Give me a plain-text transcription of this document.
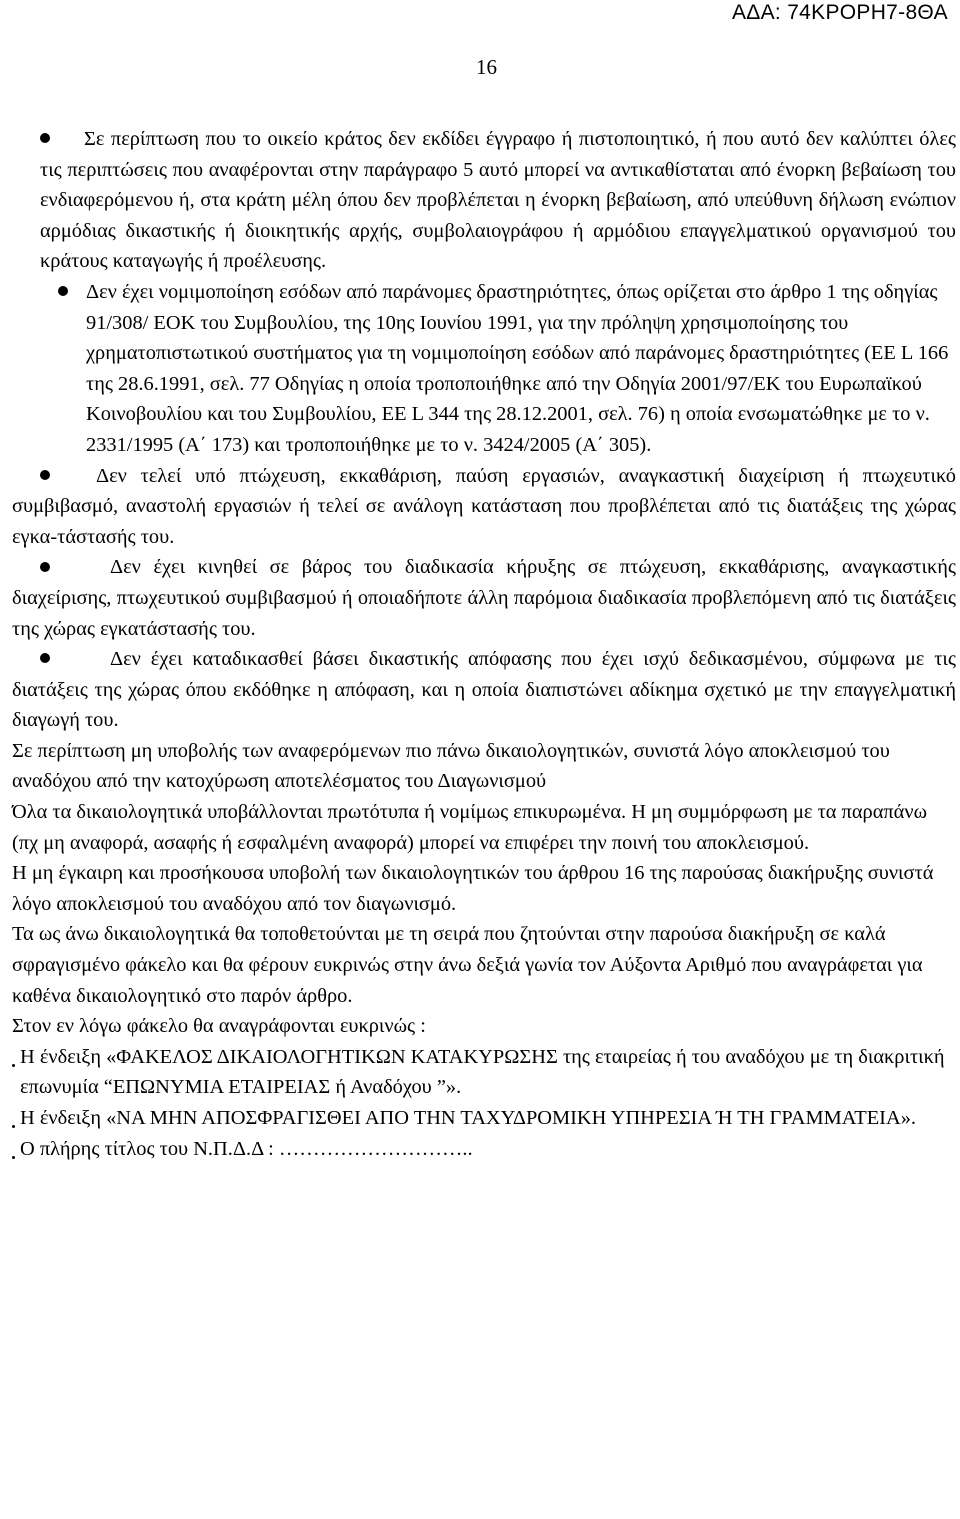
ΑΔΑ: 74ΚΡΟΡΗ7-8ΘΑ
16

Σε περίπτωση που το οικείο κράτος δεν εκδίδει έγγραφο ή πιστοποιητικό, ή που αυτό δεν καλύπτει όλες τις περιπτώσεις που αναφέρονται στην παράγραφο 5 αυτό μπορεί να αντικαθίσταται από ένορκη βεβαίωση του ενδιαφερόμενου ή, στα κράτη μέλη όπου δεν προβλέπεται η ένορκη βεβαίωση, από υπεύθυνη δήλωση ενώπιον αρμόδιας δικαστικής ή διοικητικής αρχής, συμβολαιογράφου ή αρμόδιου επαγγελματικού οργανισμού του κράτους καταγωγής ή προέλευσης.

Δεν έχει νομιμοποίηση εσόδων από παράνομες δραστηριότητες, όπως ορίζεται στο άρθρο 1 της οδηγίας 91/308/ ΕΟΚ του Συμβουλίου, της 10ης Ιουνίου 1991, για την πρόληψη χρησιμοποίησης του χρηματοπιστωτικού συστήματος για τη νομιμοποίηση εσόδων από παράνομες δραστηριότητες (ΕΕ L 166 της 28.6.1991, σελ. 77 Οδηγίας η οποία τροποποιήθηκε από την Οδηγία 2001/97/ΕΚ του Ευρωπαϊκού Κοινοβουλίου και του Συμβουλίου, ΕΕ L 344 της 28.12.2001, σελ. 76) η οποία ενσωματώθηκε με το ν. 2331/1995 (Α΄ 173) και τροποποιήθηκε με το ν. 3424/2005 (Α΄ 305).

Δεν τελεί υπό πτώχευση, εκκαθάριση, παύση εργασιών, αναγκαστική διαχείριση ή πτωχευτικό συμβιβασμό, αναστολή εργασιών ή τελεί σε ανάλογη κατάσταση που προβλέπεται από τις διατάξεις της χώρας εγκα-τάστασής του.

Δεν έχει κινηθεί σε βάρος του διαδικασία κήρυξης σε πτώχευση, εκκαθάρισης, αναγκαστικής διαχείρισης, πτωχευτικού συμβιβασμού ή οποιαδήποτε άλλη παρόμοια διαδικασία προβλεπόμενη από τις διατάξεις της χώρας εγκατάστασής του.

Δεν έχει καταδικασθεί βάσει δικαστικής απόφασης που έχει ισχύ δεδικασμένου, σύμφωνα με τις διατάξεις της χώρας όπου εκδόθηκε η απόφαση, και η οποία διαπιστώνει αδίκημα σχετικό με την επαγγελματική διαγωγή του.

Σε περίπτωση μη υποβολής των αναφερόμενων πιο πάνω δικαιολογητικών, συνιστά λόγο αποκλεισμού του αναδόχου από την κατοχύρωση αποτελέσματος του Διαγωνισμού

Όλα τα δικαιολογητικά υποβάλλονται πρωτότυπα ή νομίμως επικυρωμένα. Η μη συμμόρφωση με τα παραπάνω (πχ μη αναφορά, ασαφής ή εσφαλμένη αναφορά) μπορεί να επιφέρει την ποινή του αποκλεισμού.

Η μη έγκαιρη και προσήκουσα υποβολή των δικαιολογητικών του άρθρου 16 της παρούσας διακήρυξης συνιστά λόγο αποκλεισμού του αναδόχου από τον διαγωνισμό.

Τα ως άνω δικαιολογητικά θα τοποθετούνται με τη σειρά που ζητούνται στην παρούσα διακήρυξη σε καλά σφραγισμένο φάκελο και θα φέρουν ευκρινώς στην άνω δεξιά γωνία τον Αύξοντα Αριθμό που αναγράφεται για καθένα δικαιολογητικό στο παρόν άρθρο.

Στον εν λόγω φάκελο θα αναγράφονται ευκρινώς :

Η ένδειξη «ΦΑΚΕΛΟΣ ΔΙΚΑΙΟΛΟΓΗΤΙΚΩΝ ΚΑΤΑΚΥΡΩΣΗΣ της εταιρείας ή του αναδόχου με τη διακριτική επωνυμία “ΕΠΩΝΥΜΙΑ ΕΤΑΙΡΕΙΑΣ ή Αναδόχου ”».

Η ένδειξη «ΝΑ ΜΗΝ ΑΠΟΣΦΡΑΓΙΣΘΕΙ ΑΠΟ ΤΗΝ ΤΑΧΥΔΡΟΜΙΚΗ ΥΠΗΡΕΣΙΑ Ή ΤΗ ΓΡΑΜΜΑΤΕΙΑ».

Ο πλήρης τίτλος του Ν.Π.Δ.Δ : ………………………..
